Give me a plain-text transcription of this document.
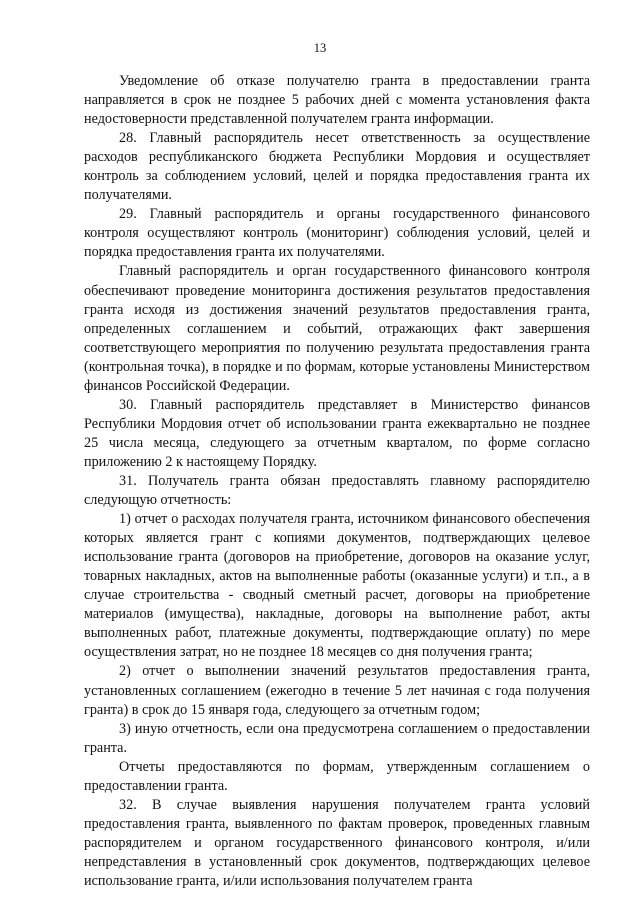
13

Уведомление об отказе получателю гранта в предоставлении гранта направляется в срок не позднее 5 рабочих дней с момента установления факта недостоверности представленной получателем гранта информации.

28. Главный распорядитель несет ответственность за осуществление расходов республиканского бюджета Республики Мордовия и осуществляет контроль за соблюдением условий, целей и порядка предоставления гранта их получателями.

29. Главный распорядитель и органы государственного финансового контроля осуществляют контроль (мониторинг) соблюдения условий, целей и порядка предоставления гранта их получателями.

Главный распорядитель и орган государственного финансового контроля обеспечивают проведение мониторинга достижения результатов предоставления гранта исходя из достижения значений результатов предоставления гранта, определенных соглашением и событий, отражающих факт завершения соответствующего мероприятия по получению результата предоставления гранта (контрольная точка), в порядке и по формам, которые установлены Министерством финансов Российской Федерации.

30. Главный распорядитель представляет в Министерство финансов Республики Мордовия отчет об использовании гранта ежеквартально не позднее 25 числа месяца, следующего за отчетным кварталом, по форме согласно приложению 2 к настоящему Порядку.

31. Получатель гранта обязан предоставлять главному распорядителю следующую отчетность:

1) отчет о расходах получателя гранта, источником финансового обеспечения которых является грант с копиями документов, подтверждающих целевое использование гранта (договоров на приобретение, договоров на оказание услуг, товарных накладных, актов на выполненные работы (оказанные услуги) и т.п., а в случае строительства - сводный сметный расчет, договоры на приобретение материалов (имущества), накладные, договоры на выполнение работ, акты выполненных работ, платежные документы, подтверждающие оплату) по мере осуществления затрат, но не позднее 18 месяцев со дня получения гранта;

2) отчет о выполнении значений результатов предоставления гранта, установленных соглашением (ежегодно в течение 5 лет начиная с года получения гранта) в срок до 15 января года, следующего за отчетным годом;

3) иную отчетность, если она предусмотрена соглашением о предоставлении гранта.

Отчеты предоставляются по формам, утвержденным соглашением о предоставлении гранта.

32. В случае выявления нарушения получателем гранта условий предоставления гранта, выявленного по фактам проверок, проведенных главным распорядителем и органом государственного финансового контроля, и/или непредставления в установленный срок документов, подтверждающих целевое использование гранта, и/или использования получателем гранта
